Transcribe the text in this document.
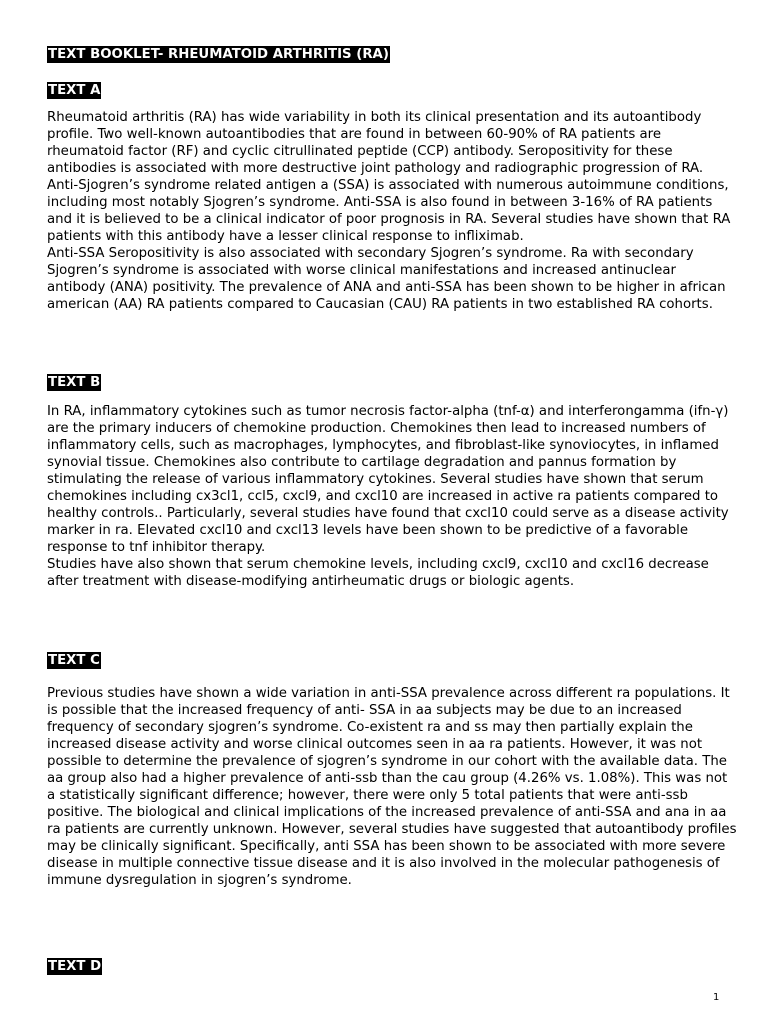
TEXT BOOKLET- RHEUMATOID ARTHRITIS (RA)
TEXT A

Rheumatoid arthritis (RA) has wide variability in both its clinical presentation and its autoantibody profile. Two well-known autoantibodies that are found in between 60-90% of RA patients are rheumatoid factor (RF) and cyclic citrullinated peptide (CCP) antibody. Seropositivity for these antibodies is associated with more destructive joint pathology and radiographic progression of RA. Anti-Sjogren’s syndrome related antigen a (SSA) is associated with numerous autoimmune conditions, including most notably Sjogren’s syndrome. Anti-SSA is also found in between 3-16% of RA patients and it is believed to be a clinical indicator of poor prognosis in RA. Several studies have shown that RA patients with this antibody have a lesser clinical response to infliximab.

Anti-SSA Seropositivity is also associated with secondary Sjogren’s syndrome. Ra with secondary Sjogren’s syndrome is associated with worse clinical manifestations and increased antinuclear antibody (ANA) positivity. The prevalence of ANA and anti-SSA has been shown to be higher in african american (AA) RA patients compared to Caucasian (CAU) RA patients in two established RA cohorts.

TEXT B

In RA, inflammatory cytokines such as tumor necrosis factor-alpha (tnf-α) and interferongamma (ifn-γ) are the primary inducers of chemokine production. Chemokines then lead to increased numbers of inflammatory cells, such as macrophages, lymphocytes, and fibroblast-like synoviocytes, in inflamed synovial tissue. Chemokines also contribute to cartilage degradation and pannus formation by stimulating the release of various inflammatory cytokines. Several studies have shown that serum chemokines including cx3cl1, ccl5, cxcl9, and cxcl10 are increased in active ra patients compared to healthy controls.. Particularly, several studies have found that cxcl10 could serve as a disease activity marker in ra. Elevated cxcl10 and cxcl13 levels have been shown to be predictive of a favorable response to tnf inhibitor therapy.

Studies have also shown that serum chemokine levels, including cxcl9, cxcl10 and cxcl16 decrease after treatment with disease-modifying antirheumatic drugs or biologic agents.

TEXT C

Previous studies have shown a wide variation in anti-SSA prevalence across different ra populations. It is possible that the increased frequency of anti- SSA in aa subjects may be due to an increased frequency of secondary sjogren’s syndrome. Co-existent ra and ss may then partially explain the increased disease activity and worse clinical outcomes seen in aa ra patients. However, it was not possible to determine the prevalence of sjogren’s syndrome in our cohort with the available data. The aa group also had a higher prevalence of anti-ssb than the cau group (4.26% vs. 1.08%). This was not a statistically significant difference; however, there were only 5 total patients that were anti-ssb positive. The biological and clinical implications of the increased prevalence of anti-SSA and ana in aa ra patients are currently unknown. However, several studies have suggested that autoantibody profiles may be clinically significant. Specifically, anti SSA has been shown to be associated with more severe disease in multiple connective tissue disease and it is also involved in the molecular pathogenesis of immune dysregulation in sjogren’s syndrome.

TEXT D
1
